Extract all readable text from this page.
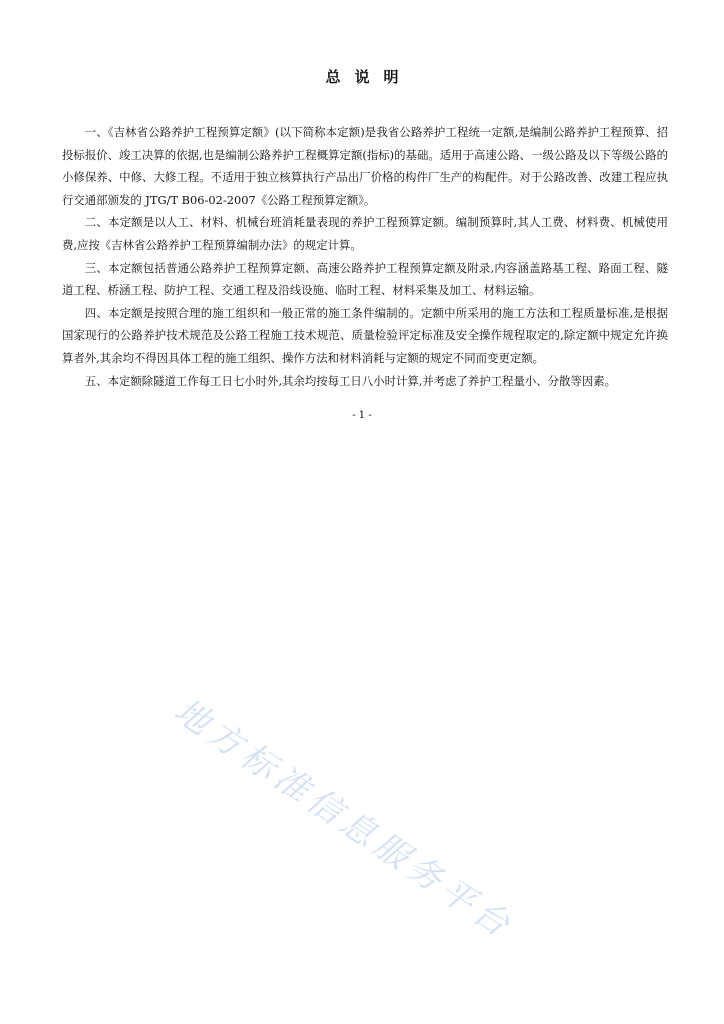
总说明

一、《吉林省公路养护工程预算定额》(以下简称本定额)是我省公路养护工程统一定额,是编制公路养护工程预算、招投标报价、竣工决算的依据,也是编制公路养护工程概算定额(指标)的基础。适用于高速公路、一级公路及以下等级公路的小修保养、中修、大修工程。不适用于独立核算执行产品出厂价格的构件厂生产的构配件。对于公路改善、改建工程应执行交通部颁发的 JTG/T B06-02-2007《公路工程预算定额》。

二、本定额是以人工、材料、机械台班消耗量表现的养护工程预算定额。编制预算时,其人工费、材料费、机械使用费,应按《吉林省公路养护工程预算编制办法》的规定计算。

三、本定额包括普通公路养护工程预算定额、高速公路养护工程预算定额及附录,内容涵盖路基工程、路面工程、隧道工程、桥涵工程、防护工程、交通工程及沿线设施、临时工程、材料采集及加工、材料运输。

四、本定额是按照合理的施工组织和一般正常的施工条件编制的。定额中所采用的施工方法和工程质量标准,是根据国家现行的公路养护技术规范及公路工程施工技术规范、质量检验评定标准及安全操作规程取定的,除定额中规定允许换算者外,其余均不得因具体工程的施工组织、操作方法和材料消耗与定额的规定不同而变更定额。

五、本定额除隧道工作每工日七小时外,其余均按每工日八小时计算,并考虑了养护工程量小、分散等因素。

- 1 -
地方标准信息服务平台
